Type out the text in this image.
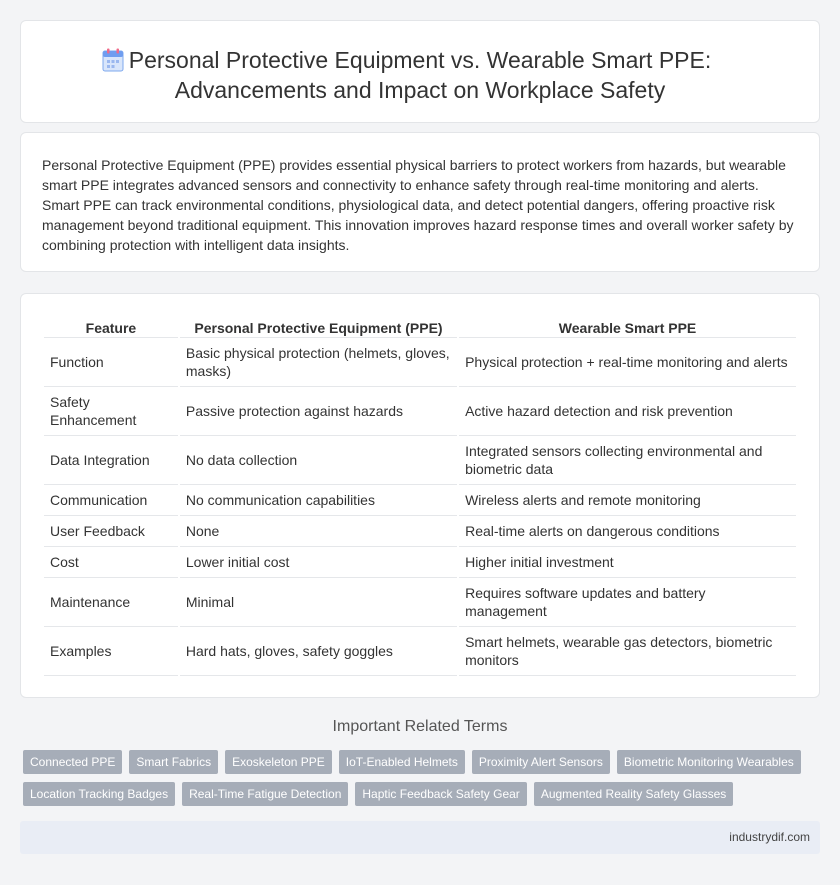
Personal Protective Equipment vs. Wearable Smart PPE:
Advancements and Impact on Workplace Safety

Personal Protective Equipment (PPE) provides essential physical barriers to protect workers from hazards, but wearable smart PPE integrates advanced sensors and connectivity to enhance safety through real-time monitoring and alerts. Smart PPE can track environmental conditions, physiological data, and detect potential dangers, offering proactive risk management beyond traditional equipment. This innovation improves hazard response times and overall worker safety by combining protection with intelligent data insights.

Feature	Personal Protective Equipment (PPE)	Wearable Smart PPE
Function	Basic physical protection (helmets, gloves, masks)	Physical protection + real-time monitoring and alerts
Safety Enhancement	Passive protection against hazards	Active hazard detection and risk prevention
Data Integration	No data collection	Integrated sensors collecting environmental and biometric data
Communication	No communication capabilities	Wireless alerts and remote monitoring
User Feedback	None	Real-time alerts on dangerous conditions
Cost	Lower initial cost	Higher initial investment
Maintenance	Minimal	Requires software updates and battery management
Examples	Hard hats, gloves, safety goggles	Smart helmets, wearable gas detectors, biometric monitors
Important Related Terms
Connected PPE	Smart Fabrics	Exoskeleton PPE	IoT-Enabled Helmets	Proximity Alert Sensors	Biometric Monitoring Wearables
Location Tracking Badges	Real-Time Fatigue Detection	Haptic Feedback Safety Gear	Augmented Reality Safety Glasses
industrydif.com
